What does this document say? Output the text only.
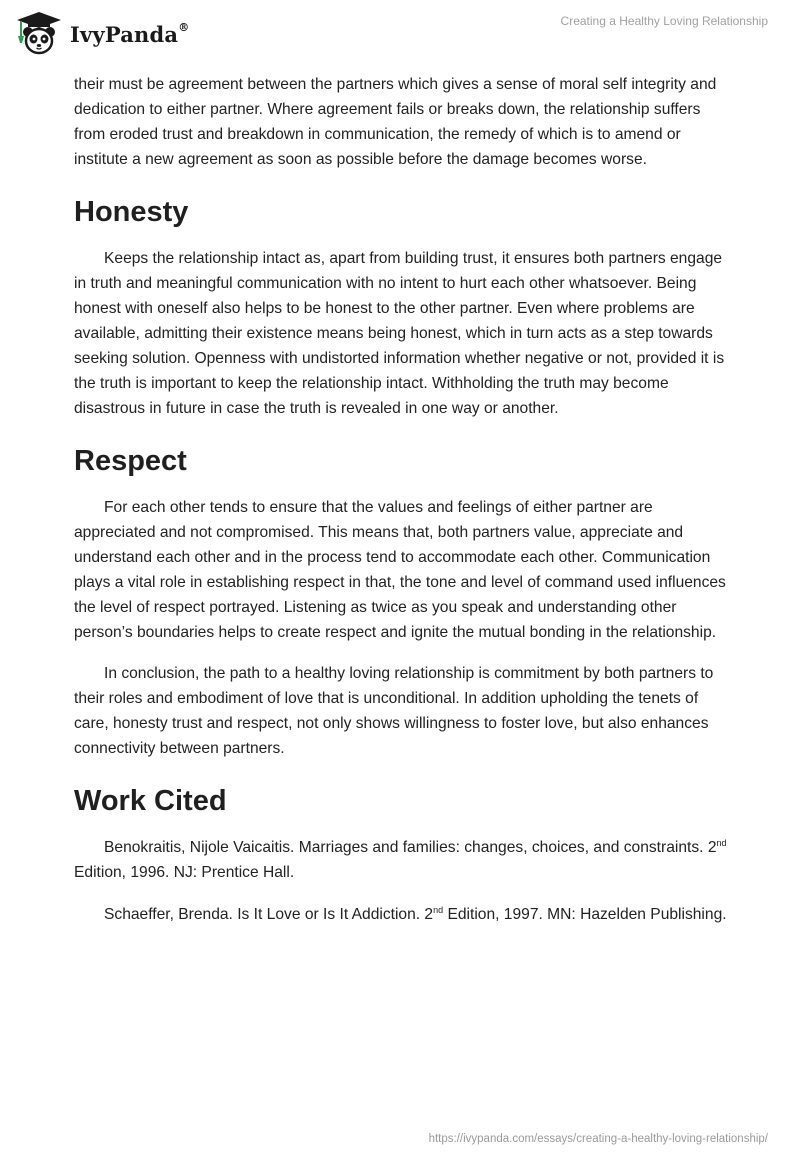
IvyPanda®	Creating a Healthy Loving Relationship

their must be agreement between the partners which gives a sense of moral self integrity and dedication to either partner. Where agreement fails or breaks down, the relationship suffers from eroded trust and breakdown in communication, the remedy of which is to amend or institute a new agreement as soon as possible before the damage becomes worse.

Honesty

Keeps the relationship intact as, apart from building trust, it ensures both partners engage in truth and meaningful communication with no intent to hurt each other whatsoever. Being honest with oneself also helps to be honest to the other partner. Even where problems are available, admitting their existence means being honest, which in turn acts as a step towards seeking solution. Openness with undistorted information whether negative or not, provided it is the truth is important to keep the relationship intact. Withholding the truth may become disastrous in future in case the truth is revealed in one way or another.

Respect

For each other tends to ensure that the values and feelings of either partner are appreciated and not compromised. This means that, both partners value, appreciate and understand each other and in the process tend to accommodate each other. Communication plays a vital role in establishing respect in that, the tone and level of command used influences the level of respect portrayed. Listening as twice as you speak and understanding other person’s boundaries helps to create respect and ignite the mutual bonding in the relationship.

In conclusion, the path to a healthy loving relationship is commitment by both partners to their roles and embodiment of love that is unconditional. In addition upholding the tenets of care, honesty trust and respect, not only shows willingness to foster love, but also enhances connectivity between partners.

Work Cited

Benokraitis, Nijole Vaicaitis. Marriages and families: changes, choices, and constraints. 2nd Edition, 1996. NJ: Prentice Hall.

Schaeffer, Brenda. Is It Love or Is It Addiction. 2nd Edition, 1997. MN: Hazelden Publishing.

https://ivypanda.com/essays/creating-a-healthy-loving-relationship/
